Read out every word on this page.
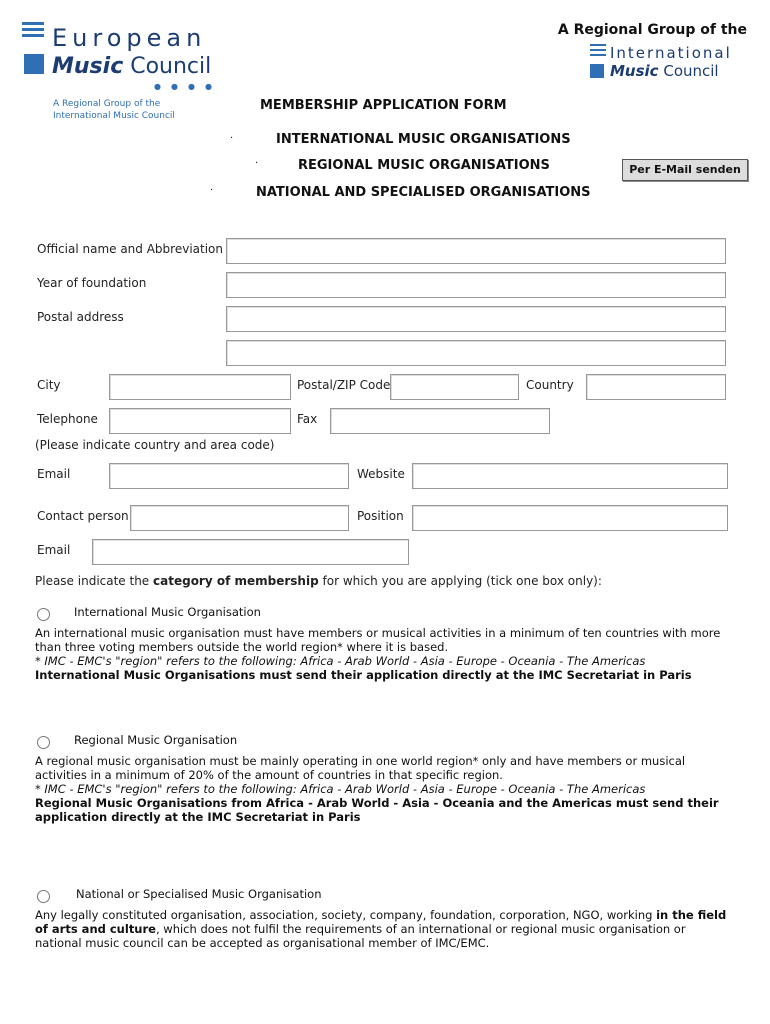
European
Music Council
●●●●
A Regional Group of the
International Music Council
A Regional Group of the
International
Music Council
MEMBERSHIP APPLICATION FORM
·	INTERNATIONAL MUSIC ORGANISATIONS
·	REGIONAL MUSIC ORGANISATIONS
·	NATIONAL AND SPECIALISED ORGANISATIONS
Per E-Mail senden
Official name and Abbreviation
Year of foundation
Postal address
City	Postal/ZIP Code	Country
Telephone	Fax
(Please indicate country and area code)
Email	Website
Contact person	Position
Email
Please indicate the category of membership for which you are applying (tick one box only):
International Music Organisation
An international music organisation must have members or musical activities in a minimum of ten countries with more than three voting members outside the world region* where it is based.
* IMC - EMC's "region" refers to the following: Africa - Arab World - Asia - Europe - Oceania - The Americas
International Music Organisations must send their application directly at the IMC Secretariat in Paris
Regional Music Organisation
A regional music organisation must be mainly operating in one world region* only and have members or musical activities in a minimum of 20% of the amount of countries in that specific region.
* IMC - EMC's "region" refers to the following: Africa - Arab World - Asia - Europe - Oceania - The Americas
Regional Music Organisations from Africa - Arab World - Asia - Oceania and the Americas must send their application directly at the IMC Secretariat in Paris
National or Specialised Music Organisation
Any legally constituted organisation, association, society, company, foundation, corporation, NGO, working in the field of arts and culture, which does not fulfil the requirements of an international or regional music organisation or national music council can be accepted as organisational member of IMC/EMC.
